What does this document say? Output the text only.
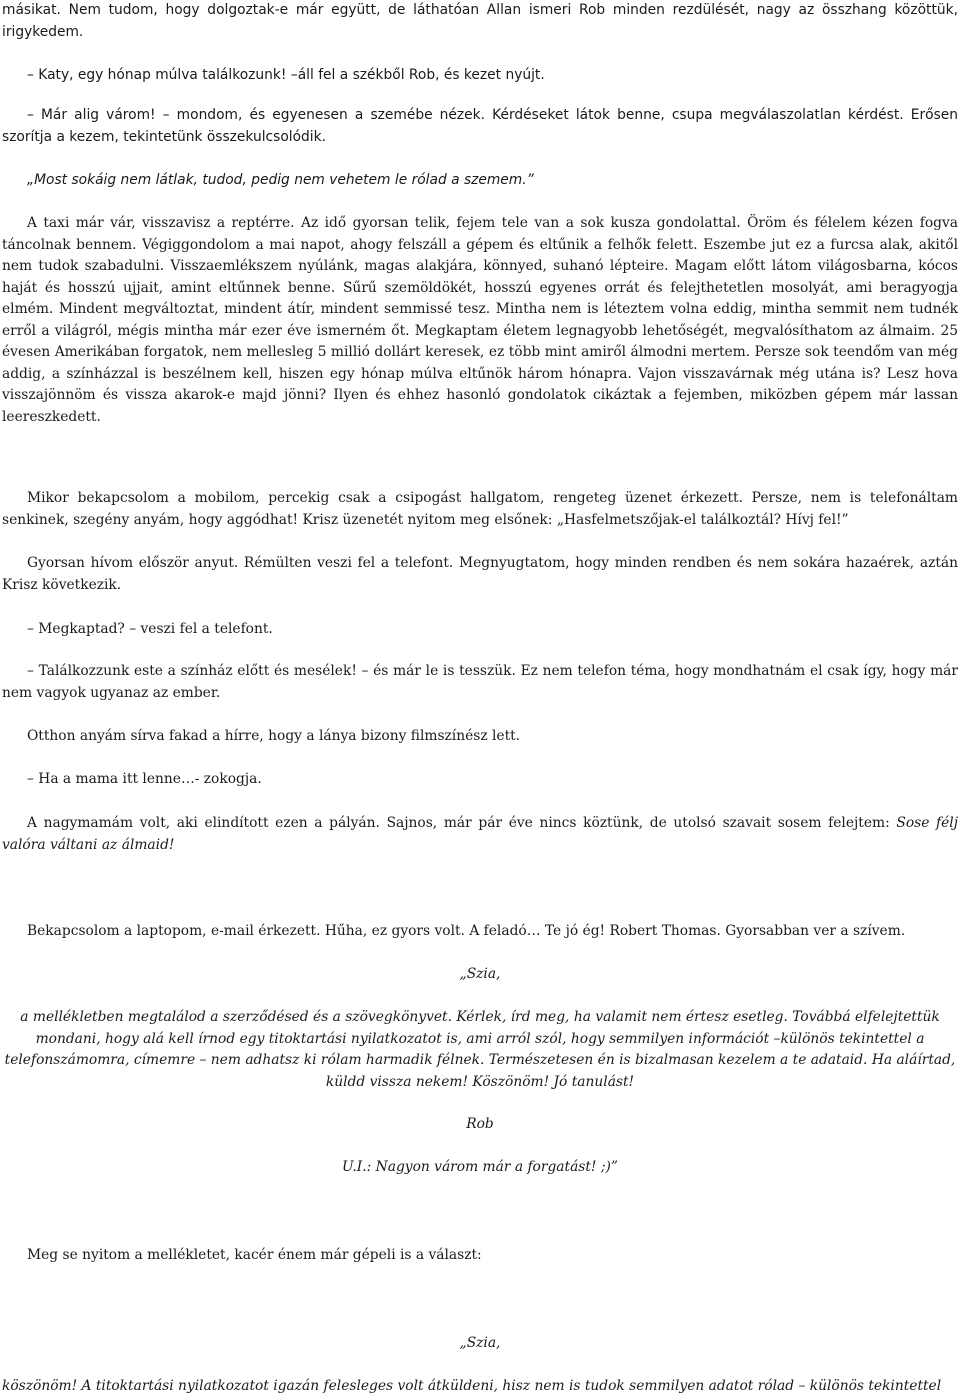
másikat. Nem tudom, hogy dolgoztak-e már együtt, de láthatóan Allan ismeri Rob minden rezdülését, nagy az összhang közöttük, irigykedem.

– Katy, egy hónap múlva találkozunk! –áll fel a székből Rob, és kezet nyújt.

– Már alig várom! – mondom, és egyenesen a szemébe nézek. Kérdéseket látok benne, csupa megválaszolatlan kérdést. Erősen szorítja a kezem, tekintetünk összekulcsolódik.

„Most sokáig nem látlak, tudod, pedig nem vehetem le rólad a szemem.”

A taxi már vár, visszavisz a reptérre. Az idő gyorsan telik, fejem tele van a sok kusza gondolattal. Öröm és félelem kézen fogva táncolnak bennem. Végiggondolom a mai napot, ahogy felszáll a gépem és eltűnik a felhők felett. Eszembe jut ez a furcsa alak, akitől nem tudok szabadulni. Visszaemlékszem nyúlánk, magas alakjára, könnyed, suhanó lépteire. Magam előtt látom világosbarna, kócos haját és hosszú ujjait, amint eltűnnek benne. Sűrű szemöldökét, hosszú egyenes orrát és felejthetetlen mosolyát, ami beragyogja elmém. Mindent megváltoztat, mindent átír, mindent semmissé tesz. Mintha nem is léteztem volna eddig, mintha semmit nem tudnék erről a világról, mégis mintha már ezer éve ismerném őt. Megkaptam életem legnagyobb lehetőségét, megvalósíthatom az álmaim. 25 évesen Amerikában forgatok, nem mellesleg 5 millió dollárt keresek, ez több mint amiről álmodni mertem. Persze sok teendőm van még addig, a színházzal is beszélnem kell, hiszen egy hónap múlva eltűnök három hónapra. Vajon visszavárnak még utána is? Lesz hova visszajönnöm és vissza akarok-e majd jönni? Ilyen és ehhez hasonló gondolatok cikáztak a fejemben, miközben gépem már lassan leereszkedett.

Mikor bekapcsolom a mobilom, percekig csak a csipogást hallgatom, rengeteg üzenet érkezett. Persze, nem is telefonáltam senkinek, szegény anyám, hogy aggódhat! Krisz üzenetét nyitom meg elsőnek: „Hasfelmetszőjak-el találkoztál? Hívj fel!”

Gyorsan hívom először anyut. Rémülten veszi fel a telefont. Megnyugtatom, hogy minden rendben és nem sokára hazaérek, aztán Krisz következik.

– Megkaptad? – veszi fel a telefont.

– Találkozzunk este a színház előtt és mesélek! – és már le is tesszük. Ez nem telefon téma, hogy mondhatnám el csak így, hogy már nem vagyok ugyanaz az ember.

Otthon anyám sírva fakad a hírre, hogy a lánya bizony filmszínész lett.

– Ha a mama itt lenne…- zokogja.

A nagymamám volt, aki elindított ezen a pályán. Sajnos, már pár éve nincs köztünk, de utolsó szavait sosem felejtem: Sose félj valóra váltani az álmaid!

Bekapcsolom a laptopom, e-mail érkezett. Hűha, ez gyors volt. A feladó… Te jó ég! Robert Thomas. Gyorsabban ver a szívem.

„Szia,

a mellékletben megtalálod a szerződésed és a szövegkönyvet. Kérlek, írd meg, ha valamit nem értesz esetleg. Továbbá elfelejtettük mondani, hogy alá kell írnod egy titoktartási nyilatkozatot is, ami arról szól, hogy semmilyen információt –különös tekintettel a telefonszámomra, címemre – nem adhatsz ki rólam harmadik félnek. Természetesen én is bizalmasan kezelem a te adataid. Ha aláírtad, küldd vissza nekem! Köszönöm! Jó tanulást!

Rob

U.I.: Nagyon várom már a forgatást! ;)”

Meg se nyitom a mellékletet, kacér énem már gépeli is a választ:

„Szia,

köszönöm! A titoktartási nyilatkozatot igazán felesleges volt átküldeni, hisz nem is tudok semmilyen adatot rólad – különös tekintettel
